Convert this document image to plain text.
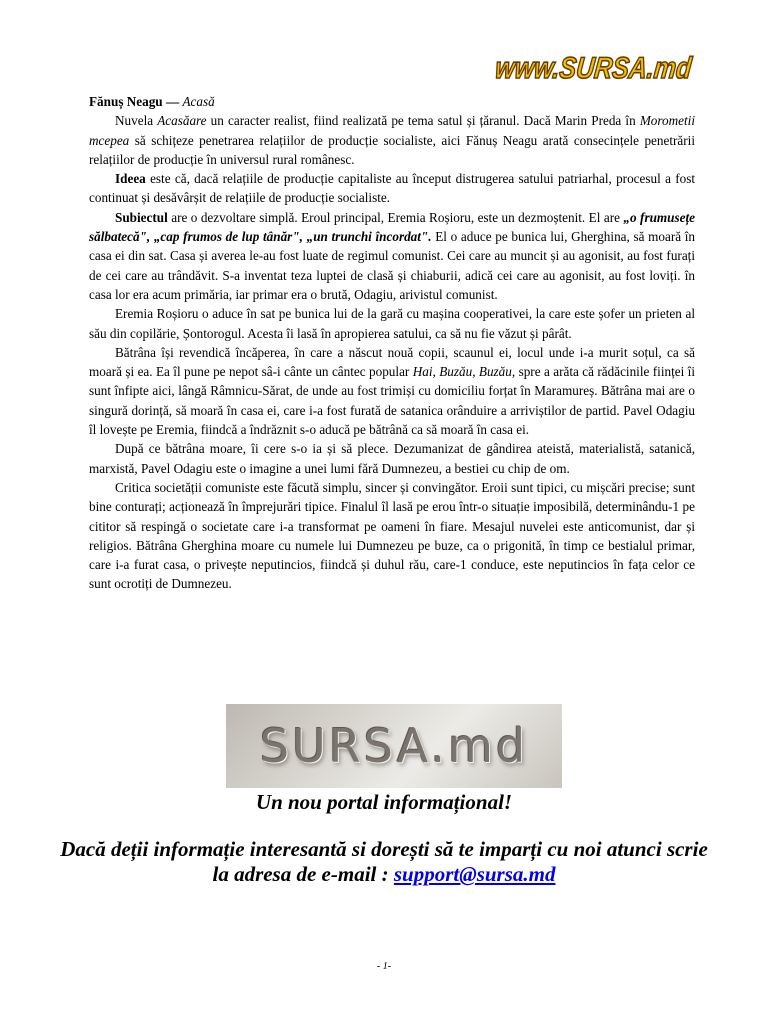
www.SURSA.md

Fănuș Neagu — Acasă

Nuvela Acasăare un caracter realist, fiind realizată pe tema satul și țăranul. Dacă Marin Preda în Morometii mcepea să schițeze penetrarea relațiilor de producție socialiste, aici Fănuș Neagu arată consecințele penetrării relațiilor de producție în universul rural românesc.

Ideea este că, dacă relațiile de producție capitaliste au început distrugerea satului patriarhal, procesul a fost continuat și desăvârșit de relațiile de producție socialiste.

Subiectul are o dezvoltare simplă. Eroul principal, Eremia Roșioru, este un dezmoștenit. El are „o frumusețe sălbatecă", „cap frumos de lup tânăr", „un trunchi încordat". El o aduce pe bunica lui, Gherghina, să moară în casa ei din sat. Casa și averea le-au fost luate de regimul comunist. Cei care au muncit și au agonisit, au fost furați de cei care au trândăvit. S-a inventat teza luptei de clasă și chiaburii, adică cei care au agonisit, au fost loviți. în casa lor era acum primăria, iar primar era o brută, Odagiu, arivistul comunist.

Eremia Roșioru o aduce în sat pe bunica lui de la gară cu mașina cooperativei, la care este șofer un prieten al său din copilărie, Șontorogul. Acesta îi lasă în apropierea satului, ca să nu fie văzut și pârât.

Bătrâna își revendică încăperea, în care a născut nouă copii, scaunul ei, locul unde i-a murit soțul, ca să moară și ea. Ea îl pune pe nepot sâ-i cânte un cântec popular Hai, Buzău, Buzău, spre a arăta că rădăcinile ființei îi sunt înfipte aici, lângă Râmnicu-Sărat, de unde au fost trimiși cu domiciliu forțat în Maramureș. Bătrâna mai are o singură dorință, să moară în casa ei, care i-a fost furată de satanica orânduire a arriviștilor de partid. Pavel Odagiu îl lovește pe Eremia, fiindcă a îndrăznit s-o aducă pe bătrână ca să moară în casa ei.

După ce bătrâna moare, îi cere s-o ia și să plece. Dezumanizat de gândirea ateistă, materialistă, satanică, marxistă, Pavel Odagiu este o imagine a unei lumi fără Dumnezeu, a bestiei cu chip de om.

Critica societății comuniste este făcută simplu, sincer și convingător. Eroii sunt tipici, cu mișcări precise; sunt bine conturați; acționează în împrejurări tipice. Finalul îl lasă pe erou într-o situație imposibilă, determinându-1 pe cititor să respingă o societate care i-a transformat pe oameni în fiare. Mesajul nuvelei este anticomunist, dar și religios. Bătrâna Gherghina moare cu numele lui Dumnezeu pe buze, ca o prigonită, în timp ce bestialul primar, care i-a furat casa, o privește neputincios, fiindcă și duhul rău, care-1 conduce, este neputincios în fața celor ce sunt ocrotiți de Dumnezeu.

SURSA.md
Un nou portal informațional!
Dacă deții informație interesantă si dorești să te imparți cu noi atunci scrie la adresa de e-mail : support@sursa.md
- 1-
